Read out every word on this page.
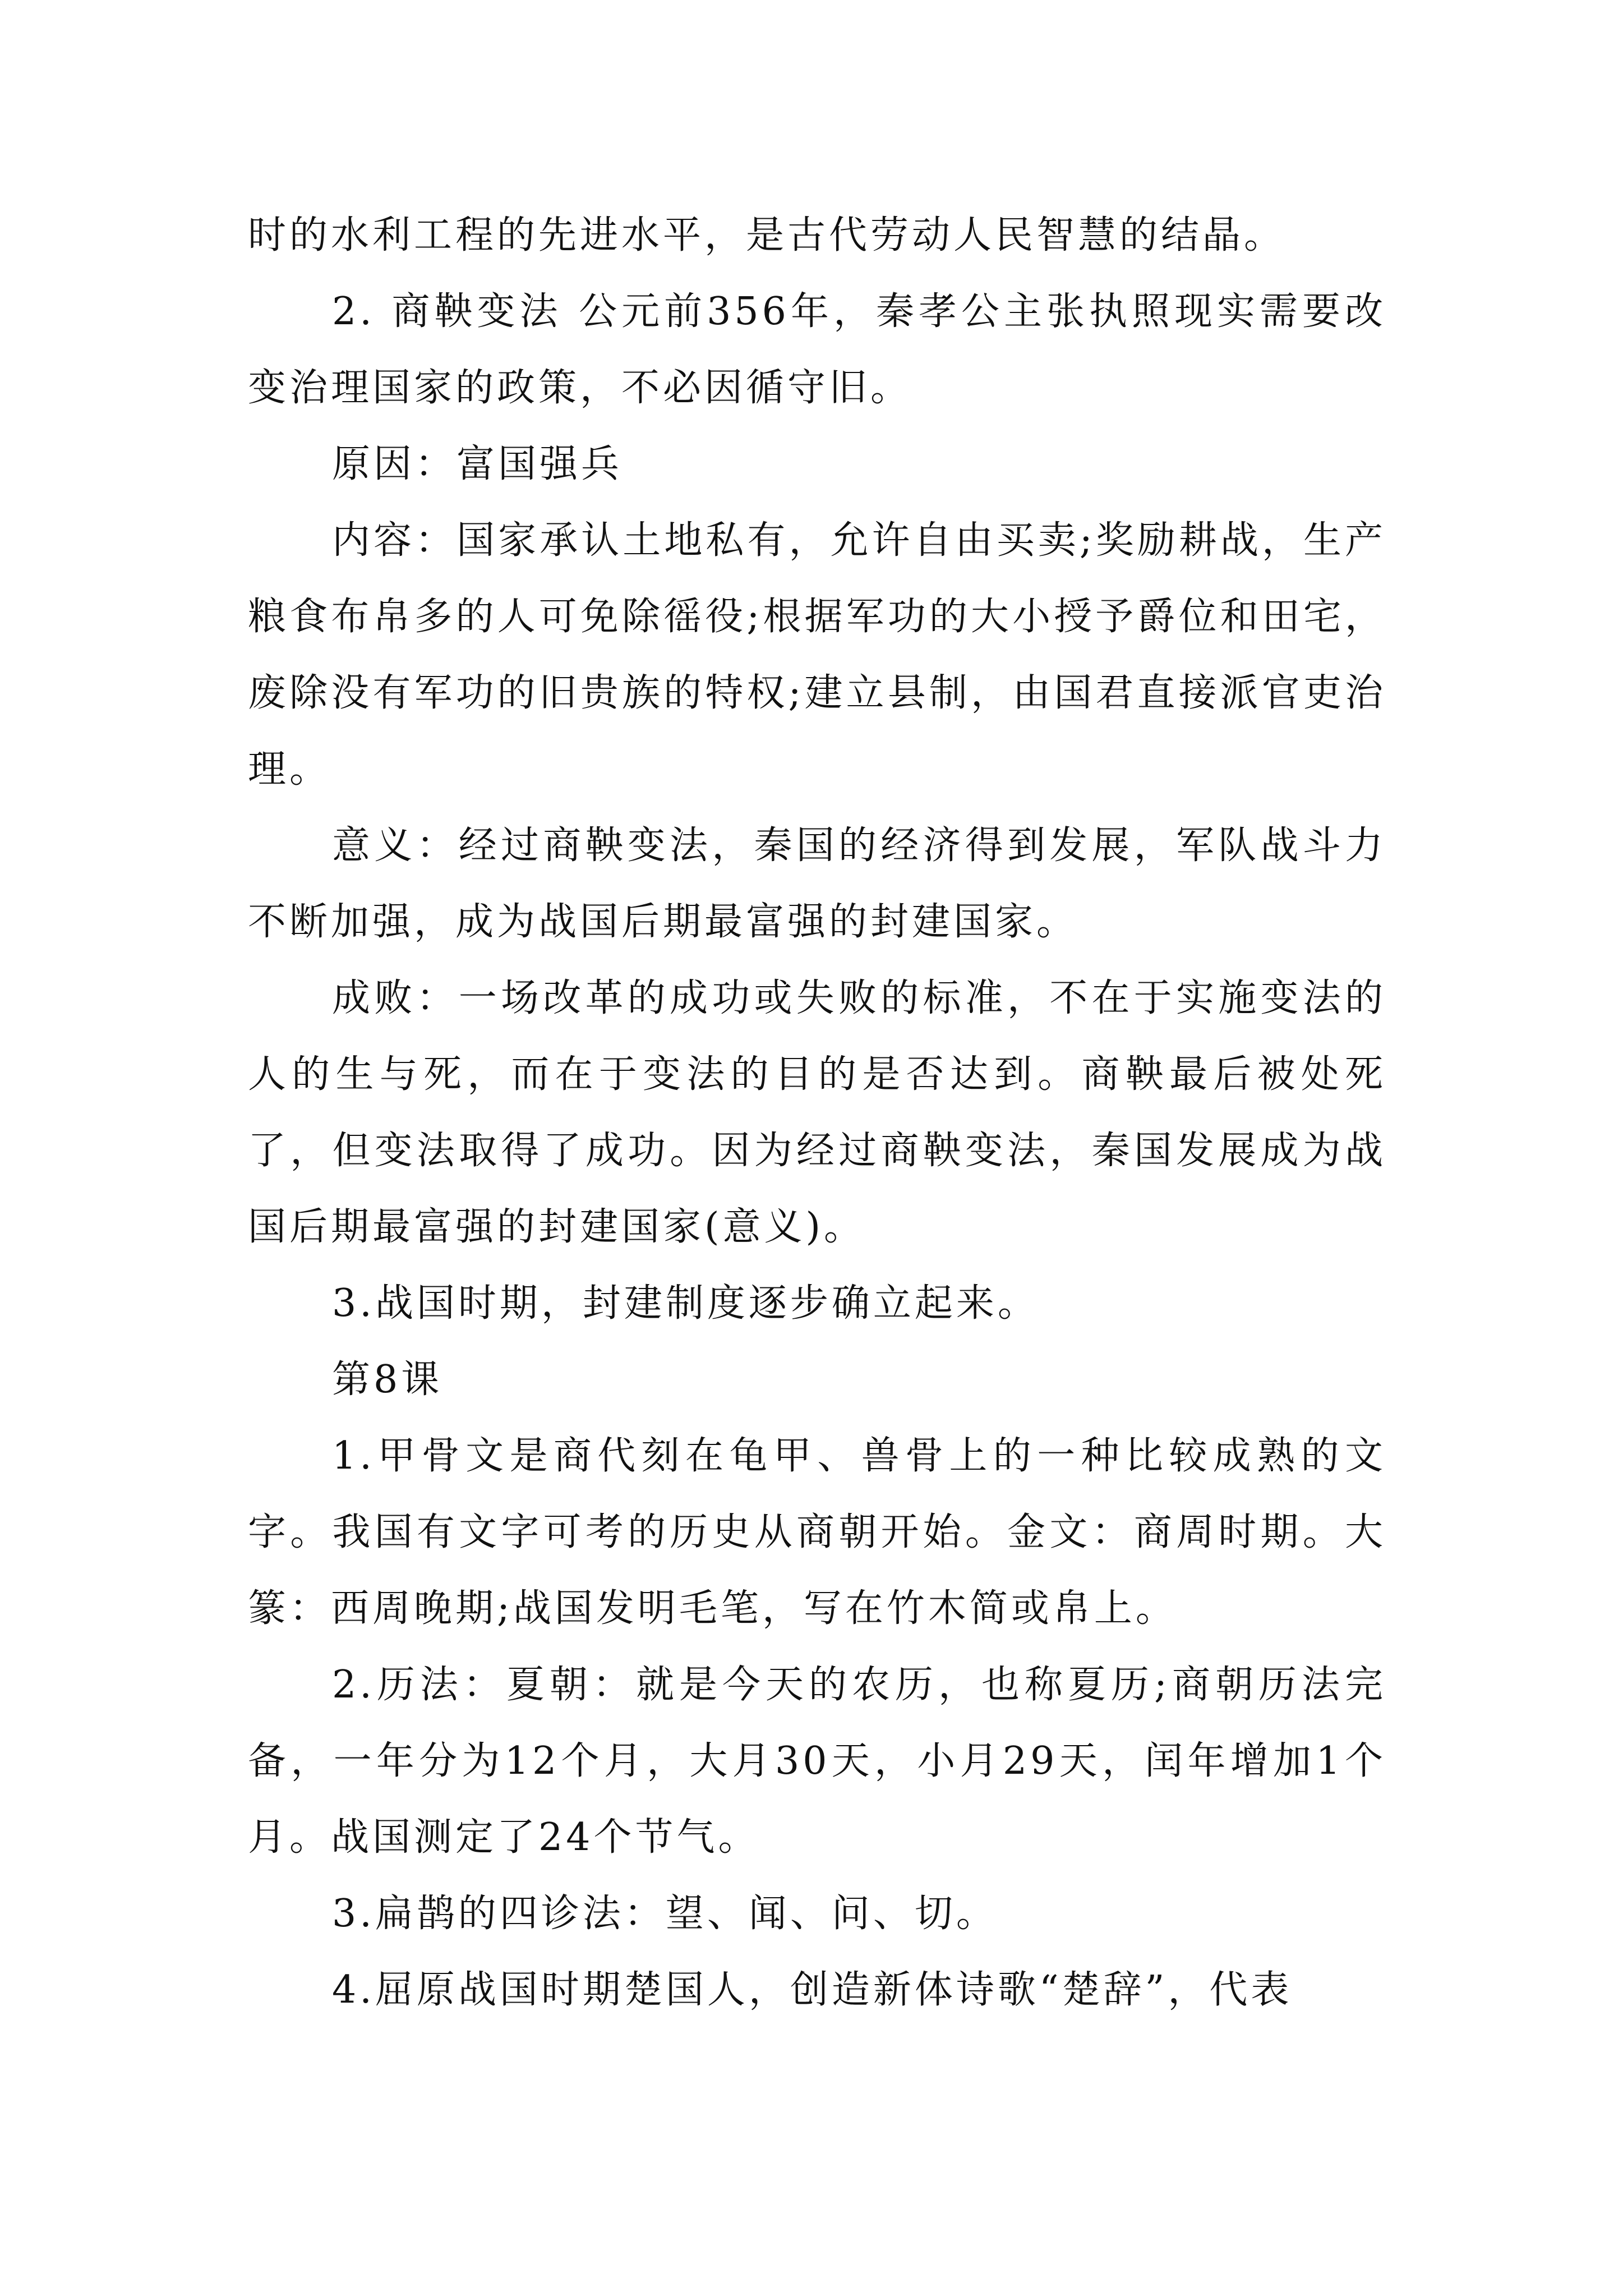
时的水利工程的先进水平，是古代劳动人民智慧的结晶。

2. 商鞅变法 公元前356年，秦孝公主张执照现实需要改变治理国家的政策，不必因循守旧。

原因：富国强兵

内容：国家承认土地私有，允许自由买卖;奖励耕战，生产粮食布帛多的人可免除徭役;根据军功的大小授予爵位和田宅，废除没有军功的旧贵族的特权;建立县制，由国君直接派官吏治理。

意义：经过商鞅变法，秦国的经济得到发展，军队战斗力不断加强，成为战国后期最富强的封建国家。

成败：一场改革的成功或失败的标准，不在于实施变法的人的生与死，而在于变法的目的是否达到。商鞅最后被处死了，但变法取得了成功。因为经过商鞅变法，秦国发展成为战国后期最富强的封建国家(意义)。

3.战国时期，封建制度逐步确立起来。

第8课

1.甲骨文是商代刻在龟甲、兽骨上的一种比较成熟的文字。我国有文字可考的历史从商朝开始。金文：商周时期。大篆：西周晚期;战国发明毛笔，写在竹木简或帛上。

2.历法：夏朝：就是今天的农历，也称夏历;商朝历法完备，一年分为12个月，大月30天，小月29天，闰年增加1个月。战国测定了24个节气。

3.扁鹊的四诊法：望、闻、问、切。

4.屈原战国时期楚国人，创造新体诗歌“楚辞”，代表
